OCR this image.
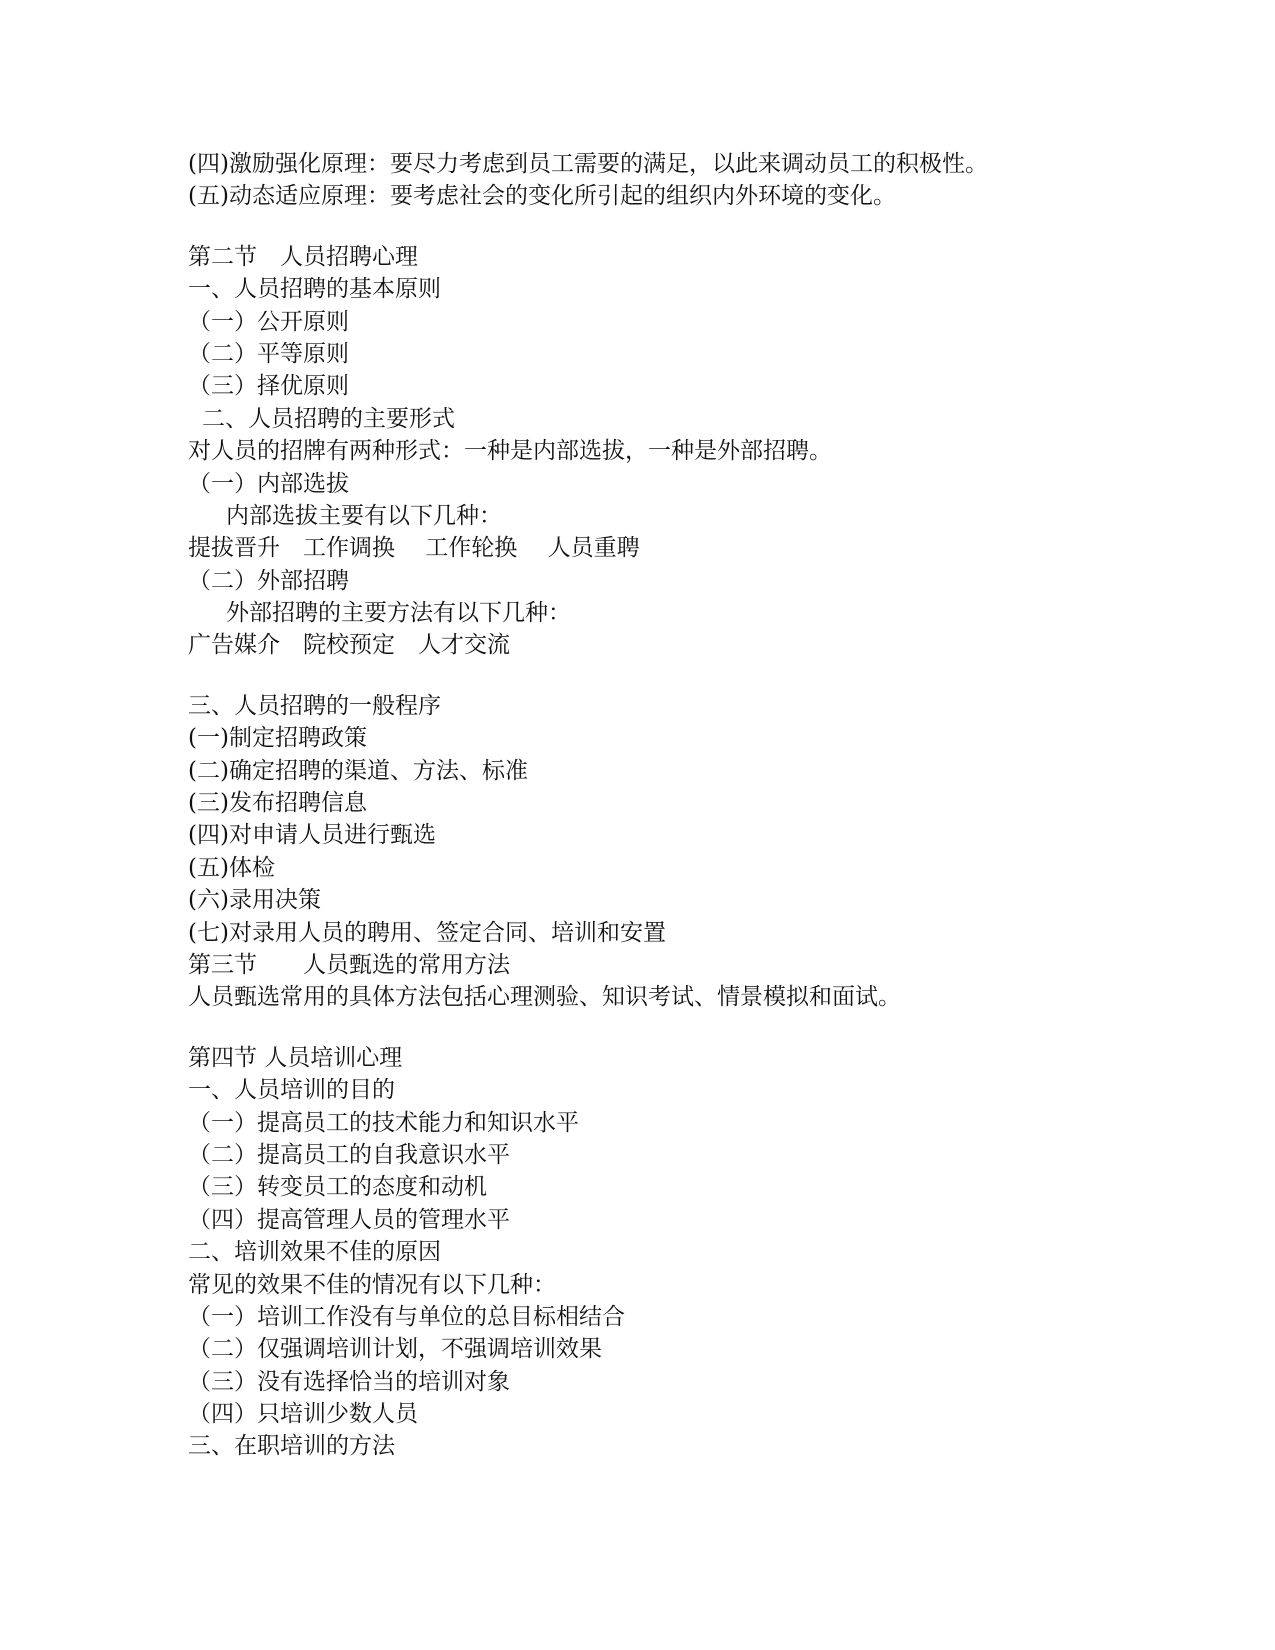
(四)激励强化原理：要尽力考虑到员工需要的满足，以此来调动员工的积极性。
(五)动态适应原理：要考虑社会的变化所引起的组织内外环境的变化。
第二节　人员招聘心理
一、人员招聘的基本原则
（一）公开原则
（二）平等原则
（三）择优原则
二、人员招聘的主要形式
对人员的招牌有两种形式：一种是内部选拔，一种是外部招聘。
（一）内部选拔
内部选拔主要有以下几种：
提拔晋升　工作调换　 工作轮换　 人员重聘
（二）外部招聘
外部招聘的主要方法有以下几种：
广告媒介　院校预定　人才交流
三、人员招聘的一般程序
(一)制定招聘政策
(二)确定招聘的渠道、方法、标准
(三)发布招聘信息
(四)对申请人员进行甄选
(五)体检
(六)录用决策
(七)对录用人员的聘用、签定合同、培训和安置
第三节　　人员甄选的常用方法
人员甄选常用的具体方法包括心理测验、知识考试、情景模拟和面试。
第四节 人员培训心理
一、人员培训的目的
（一）提高员工的技术能力和知识水平
（二）提高员工的自我意识水平
（三）转变员工的态度和动机
（四）提高管理人员的管理水平
二、培训效果不佳的原因
常见的效果不佳的情况有以下几种：
（一）培训工作没有与单位的总目标相结合
（二）仅强调培训计划，不强调培训效果
（三）没有选择恰当的培训对象
（四）只培训少数人员
三、在职培训的方法
